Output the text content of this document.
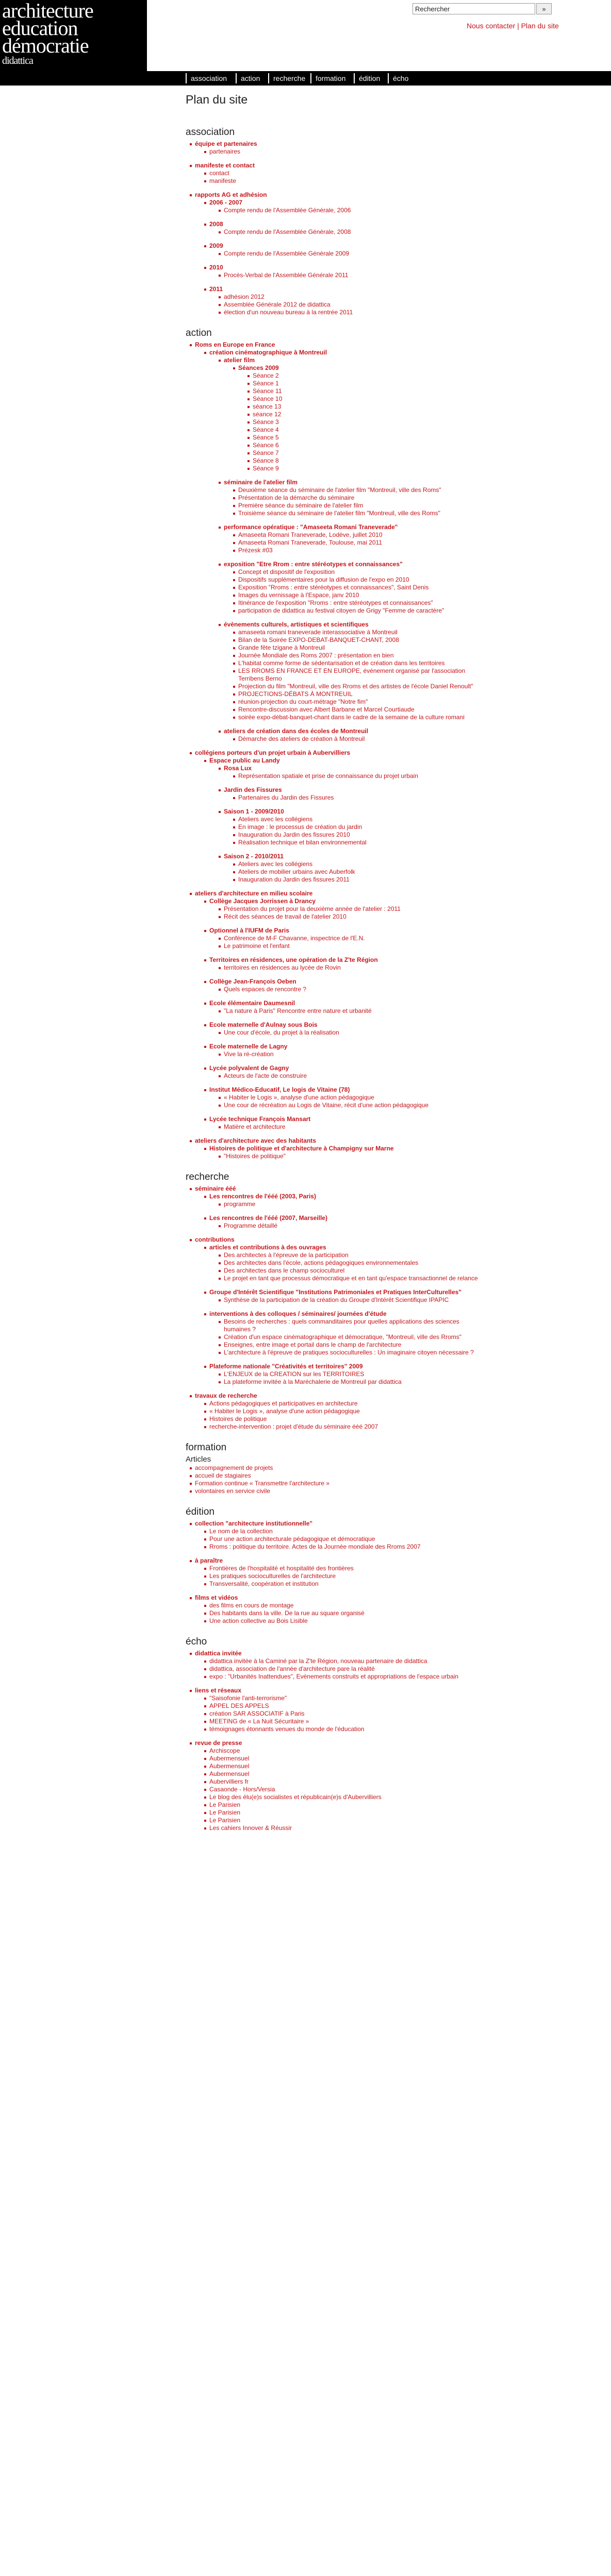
architecture
education
démocratie
didattica
Rechercher
»
Nous contacter | Plan du site
association	action	recherche	formation	édition	écho
Plan du site
association
équipe et partenaires
partenaires
manifeste et contact
contact
manifeste
rapports AG et adhésion
2006 - 2007
Compte rendu de l'Assemblée Générale, 2006
2008
Compte rendu de l'Assemblée Générale, 2008
2009
Compte rendu de l'Assemblée Générale 2009
2010
Procès-Verbal de l'Assemblée Générale 2011
2011
adhésion 2012
Assemblée Générale 2012 de didattica
élection d'un nouveau bureau à la rentrée 2011
action
Roms en Europe en France
création cinématographique à Montreuil
atelier film
Séances 2009
Séance 2
Séance 1
Séance 11
Séance 10
séance 13
séance 12
Séance 3
Séance 4
Séance 5
Séance 6
Séance 7
Séance 8
Séance 9
séminaire de l'atelier film
Deuxième séance du séminaire de l'atelier film "Montreuil, ville des Roms"
Présentation de la démarche du séminaire
Première séance du séminaire de l'atelier film
Troisième séance du séminaire de l'atelier film "Montreuil, ville des Roms"
performance opératique : "Amaseeta Romani Traneverade"
Amaseeta Romani Traneverade, Lodève, juillet 2010
Amaseeta Romani Traneverade, Toulouse, mai 2011
Prézesk #03
exposition "Etre Rrom : entre stéréotypes et connaissances"
Concept et dispositif de l'exposition
Dispositifs supplémentaires pour la diffusion de l'expo en 2010
Exposition "Rroms : entre stéréotypes et connaissances", Saint Denis
Images du vernissage à l'Espace, janv 2010
Itinérance de l'exposition "Rroms : entre stéréotypes et connaissances"
participation de didattica au festival citoyen de Grigy "Femme de caractère"
évènements culturels, artistiques et scientifiques
amaseeta romani traneverade interassociative à Montreuil
Bilan de la Soirée EXPO-DEBAT-BANQUET-CHANT, 2008
Grande fête tzigane à Montreuil
Journée Mondiale des Roms 2007 : présentation en bien
L'habitat comme forme de sédentarisation et de création dans les territoires
LES RROMS EN FRANCE ET EN EUROPE, événement organisé par l'association Terribens Berno
Projection du film "Montreuil, ville des Rroms et des artistes de l'école Daniel Renoult"
PROJECTIONS-DÉBATS À MONTREUIL
réunion-projection du court-métrage "Notre fim"
Rencontre-discussion avec Albert Barbane et Marcel Courtiaude
soirée expo-débat-banquet-chant dans le cadre de la semaine de la culture romani
ateliers de création dans des écoles de Montreuil
Démarche des ateliers de création à Montreuil
collégiens porteurs d'un projet urbain à Aubervilliers
Espace public au Landy
Rosa Lux
Représentation spatiale et prise de connaissance du projet urbain
Jardin des Fissures
Partenaires du Jardin des Fissures
Saison 1 - 2009/2010
Ateliers avec les collégiens
En image : le processus de création du jardin
Inauguration du Jardin des fissures 2010
Réalisation technique et bilan environnemental
Saison 2 - 2010/2011
Ateliers avec les collégiens
Ateliers de mobilier urbains avec Auberfolk
Inauguration du Jardin des fissures 2011
ateliers d'architecture en milieu scolaire
Collège Jacques Jorrissen à Drancy
Présentation du projet pour la deuxième année de l'atelier : 2011
Récit des séances de travail de l'atelier 2010
Optionnel à l'IUFM de Paris
Conférence de M-F Chavanne, inspectrice de l'E.N.
Le patrimoine et l'enfant
Territoires en résidences, une opération de la Z'te Région
territoires en résidences au lycée de Rovin
Collège Jean-François Oeben
Quels espaces de rencontre ?
Ecole élémentaire Daumesnil
"La nature à Paris" Rencontre entre nature et urbanité
Ecole maternelle d'Aulnay sous Bois
Une cour d'école, du projet à la réalisation
Ecole maternelle de Lagny
Vive la ré-création
Lycée polyvalent de Gagny
Acteurs de l'acte de construire
Institut Médico-Educatif, Le logis de Vitaine (78)
« Habiter le Logis », analyse d'une action pédagogique
Une cour de récréation au Logis de Vitaine, récit d'une action pédagogique
Lycée technique François Mansart
Matière et architecture
ateliers d'architecture avec des habitants
Histoires de politique et d'architecture à Champigny sur Marne
"Histoires de politique"
recherche
séminaire ééé
Les rencontres de l'ééé (2003, Paris)
programme
Les rencontres de l'ééé (2007, Marseille)
Programme détaillé
contributions
articles et contributions à des ouvrages
Des architectes à l'épreuve de la participation
Des architectes dans l'école, actions pédagogiques environnementales
Des architectes dans le champ socioculturel
Le projet en tant que processus démocratique et en tant qu'espace transactionnel de relance
Groupe d'Intérêt Scientifique "Institutions Patrimoniales et Pratiques InterCulturelles"
Synthèse de la participation de la création du Groupe d'Intérêt Scientifique IPAPIC
interventions à des colloques / séminaires/ journées d'étude
Besoins de recherches : quels commanditaires pour quelles applications des sciences humaines ?
Création d'un espace cinématographique et démocratique, "Montreuil, ville des Rroms"
Enseignes, entre image et portail dans le champ de l'architecture
L'architecture à l'épreuve de pratiques socioculturelles : Un imaginaire citoyen nécessaire ?
Plateforme nationale "Créativités et territoires" 2009
L'ENJEUX de la CREATION sur les TERRITOIRES
La plateforme invitée à la Maréchalerie de Montreuil par didattica
travaux de recherche
Actions pédagogiques et participatives en architecture
« Habiter le Logis », analyse d'une action pédagogique
Histoires de politique
recherche-intervention : projet d'étude du séminaire ééé 2007
formation
Articles
accompagnement de projets
accueil de stagiaires
Formation continue « Transmettre l'architecture »
volontaires en service civile
édition
collection "architecture institutionnelle"
Le nom de la collection
Pour une action architecturale pédagogique et démocratique
Rroms : politique du territoire. Actes de la Journée mondiale des Rroms 2007
à paraître
Frontières de l'hospitalité et hospitalité des frontières
Les pratiques socioculturelles de l'architecture
Transversalité, coopération et institution
films et vidéos
des films en cours de montage
Des habitants dans la ville. De la rue au square organisé
Une action collective au Bois Lisible
écho
didattica invitée
didattica invitée à la Caminé par la Z'te Région, nouveau partenaire de didattica
didattica, association de l'année d'architecture pare la réalité
expo : "Urbanités Inattendues", Evènements construits et appropriations de l'espace urbain
liens et réseaux
"Saisofonie l'anti-terrorisme"
APPEL DES APPELS
création SAR ASSOCIATIF à Paris
MEETING de « La Nuit Sécuritaire »
témoignages étonnants venues du monde de l'éducation
revue de presse
Archiscope
Aubermensuel
Aubermensuel
Aubermensuel
Aubervilliers fr
Casaonde - Hors/Versia
Le blog des élu(e)s socialistes et républicain(e)s d'Aubervilliers
Le Parisien
Le Parisien
Le Parisien
Les cahiers Innover & Réussir
